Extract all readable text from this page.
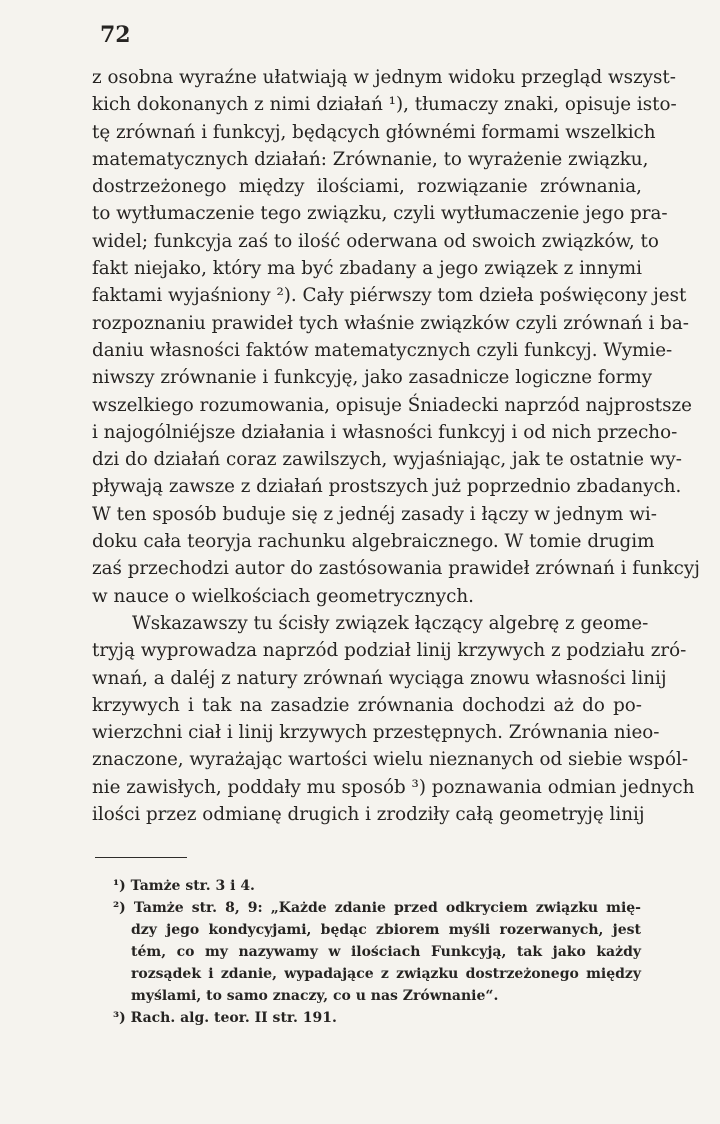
72
z osobna wyraźne ułatwiają w jednym widoku przegląd wszyst-
kich dokonanych z nimi działań ¹), tłumaczy znaki, opisuje isto-
tę zrównań i funkcyj, będących głównémi formami wszelkich
matematycznych działań: Zrównanie, to wyrażenie związku,
dostrzeżonego między ilościami, rozwiązanie zrównania,
to wytłumaczenie tego związku, czyli wytłumaczenie jego pra-
widel; funkcyja zaś to ilość oderwana od swoich związków, to
fakt niejako, który ma być zbadany a jego związek z innymi
faktami wyjaśniony ²). Cały piérwszy tom dzieła poświęcony jest
rozpoznaniu prawideł tych właśnie związków czyli zrównań i ba-
daniu własności faktów matematycznych czyli funkcyj. Wymie-
niwszy zrównanie i funkcyję, jako zasadnicze logiczne formy
wszelkiego rozumowania, opisuje Śniadecki naprzód najprostsze
i najogólniéjsze działania i własności funkcyj i od nich przecho-
dzi do działań coraz zawilszych, wyjaśniając, jak te ostatnie wy-
pływają zawsze z działań prostszych już poprzednio zbadanych.
W ten sposób buduje się z jednéj zasady i łączy w jednym wi-
doku cała teoryja rachunku algebraicznego. W tomie drugim
zaś przechodzi autor do zastósowania prawideł zrównań i funkcyj
w nauce o wielkościach geometrycznych.
Wskazawszy tu ścisły związek łączący algebrę z geome-
tryją wyprowadza naprzód podział linij krzywych z podziału zró-
wnań, a daléj z natury zrównań wyciąga znowu własności linij
krzywych i tak na zasadzie zrównania dochodzi aż do po-
wierzchni ciał i linij krzywych przestępnych. Zrównania nieo-
znaczone, wyrażając wartości wielu nieznanych od siebie wspól-
nie zawisłych, poddały mu sposób ³) poznawania odmian jednych
ilości przez odmianę drugich i zrodziły całą geometryję linij
¹) Tamże str. 3 i 4.
²) Tamże str. 8, 9: „Każde zdanie przed odkryciem związku mię-
dzy jego kondycyjami, będąc zbiorem myśli rozerwanych, jest
tém, co my nazywamy w ilościach Funkcyją, tak jako każdy
rozsądek i zdanie, wypadające z związku dostrzeżonego między
myślami, to samo znaczy, co u nas Zrównanie“.
³) Rach. alg. teor. II str. 191.
